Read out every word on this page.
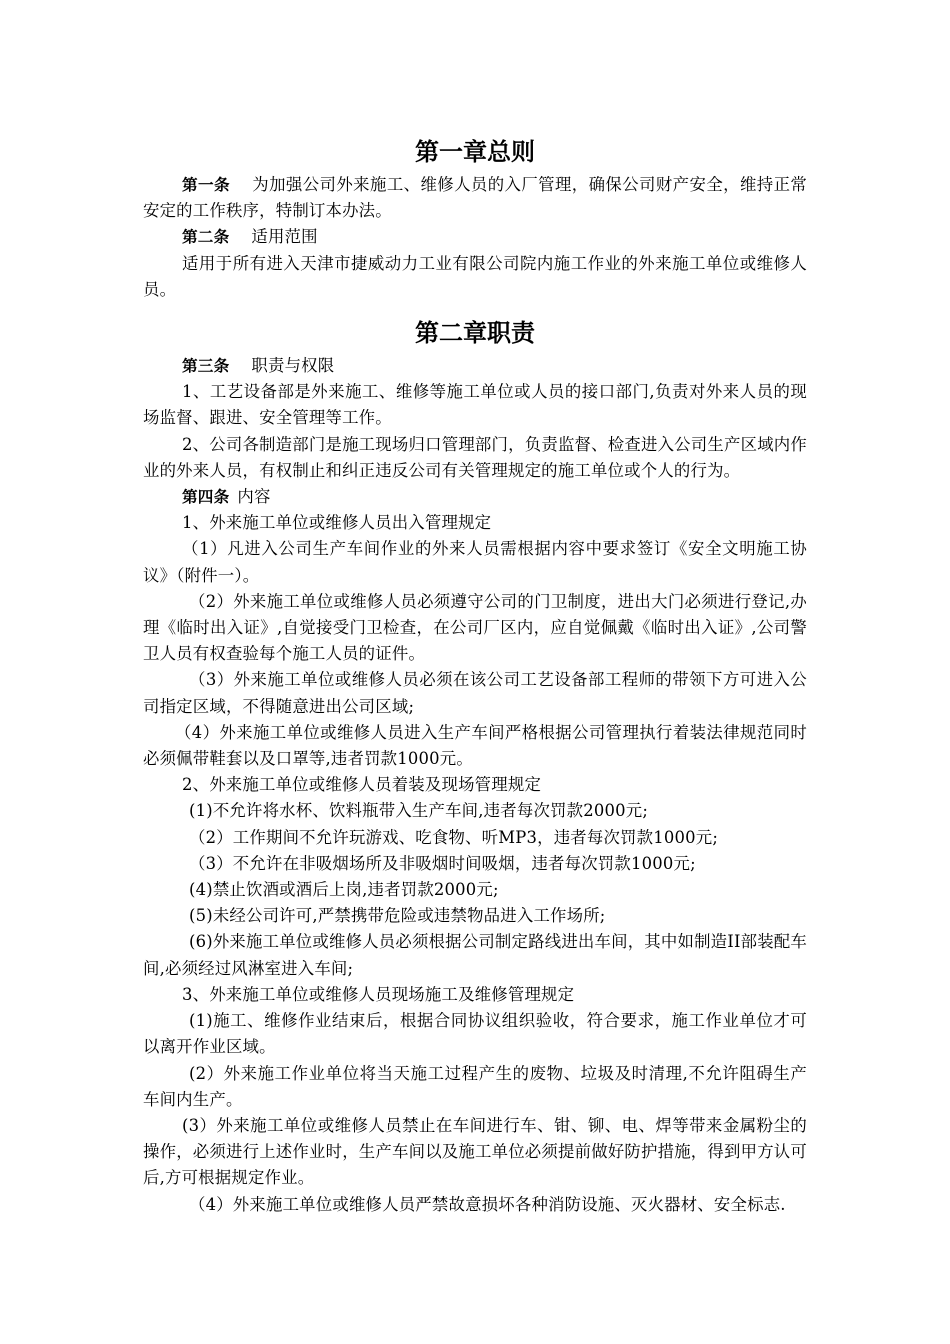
第一章总则

第一条 为加强公司外来施工、维修人员的入厂管理，确保公司财产安全，维持正常安定的工作秩序，特制订本办法。

第二条 适用范围

适用于所有进入天津市捷威动力工业有限公司院内施工作业的外来施工单位或维修人员。

第二章职责

第三条 职责与权限

1、工艺设备部是外来施工、维修等施工单位或人员的接口部门,负责对外来人员的现场监督、跟进、安全管理等工作。

2、公司各制造部门是施工现场归口管理部门，负责监督、检查进入公司生产区域内作业的外来人员，有权制止和纠正违反公司有关管理规定的施工单位或个人的行为。

第四条 内容

1、外来施工单位或维修人员出入管理规定

（1）凡进入公司生产车间作业的外来人员需根据内容中要求签订《安全文明施工协议》（附件一）。

（2）外来施工单位或维修人员必须遵守公司的门卫制度，进出大门必须进行登记,办理《临时出入证》,自觉接受门卫检查，在公司厂区内，应自觉佩戴《临时出入证》,公司警卫人员有权查验每个施工人员的证件。

（3）外来施工单位或维修人员必须在该公司工艺设备部工程师的带领下方可进入公司指定区域，不得随意进出公司区域;

（4）外来施工单位或维修人员进入生产车间严格根据公司管理执行着装法律规范同时必须佩带鞋套以及口罩等,违者罚款1000元。

2、外来施工单位或维修人员着装及现场管理规定

(1)不允许将水杯、饮料瓶带入生产车间,违者每次罚款2000元;

（2）工作期间不允许玩游戏、吃食物、听MP3，违者每次罚款1000元;

（3）不允许在非吸烟场所及非吸烟时间吸烟，违者每次罚款1000元;

(4)禁止饮酒或酒后上岗,违者罚款2000元;

(5)未经公司许可,严禁携带危险或违禁物品进入工作场所;

(6)外来施工单位或维修人员必须根据公司制定路线进出车间，其中如制造II部装配车间,必须经过风淋室进入车间;

3、外来施工单位或维修人员现场施工及维修管理规定

(1)施工、维修作业结束后，根据合同协议组织验收，符合要求，施工作业单位才可以离开作业区域。

(2）外来施工作业单位将当天施工过程产生的废物、垃圾及时清理,不允许阻碍生产车间内生产。

(3）外来施工单位或维修人员禁止在车间进行车、钳、铆、电、焊等带来金属粉尘的操作，必须进行上述作业时，生产车间以及施工单位必须提前做好防护措施，得到甲方认可后,方可根据规定作业。

（4）外来施工单位或维修人员严禁故意损坏各种消防设施、灭火器材、安全标志.
